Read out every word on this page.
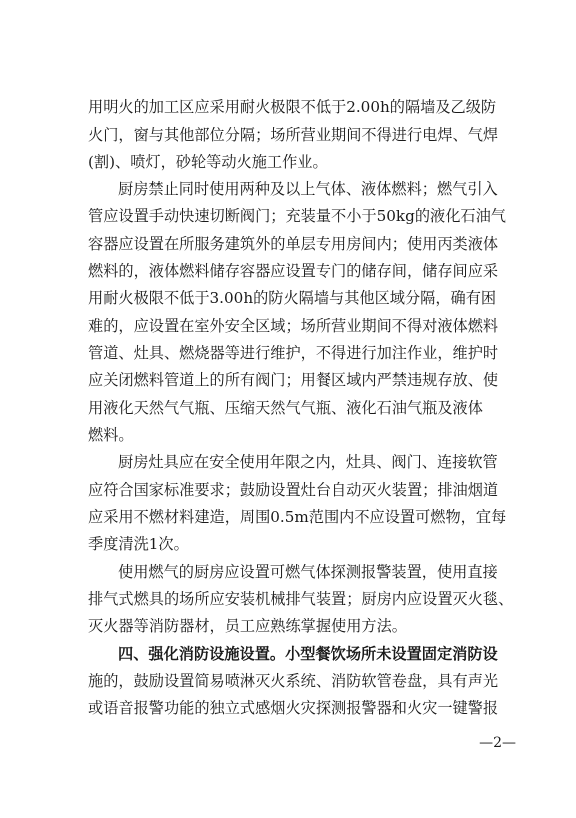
用明火的加工区应采用耐火极限不低于2.00h的隔墙及乙级防
火门，窗与其他部位分隔；场所营业期间不得进行电焊、气焊
(割)、喷灯，砂轮等动火施工作业。
厨房禁止同时使用两种及以上气体、液体燃料；燃气引入
管应设置手动快速切断阀门；充装量不小于50kg的液化石油气
容器应设置在所服务建筑外的单层专用房间内；使用丙类液体
燃料的，液体燃料储存容器应设置专门的储存间，储存间应采
用耐火极限不低于3.00h的防火隔墙与其他区域分隔，确有困
难的，应设置在室外安全区域；场所营业期间不得对液体燃料
管道、灶具、燃烧器等进行维护，不得进行加注作业，维护时
应关闭燃料管道上的所有阀门；用餐区域内严禁违规存放、使
用液化天然气气瓶、压缩天然气气瓶、液化石油气瓶及液体
燃料。
厨房灶具应在安全使用年限之内，灶具、阀门、连接软管
应符合国家标准要求；鼓励设置灶台自动灭火装置；排油烟道
应采用不燃材料建造，周围0.5m范围内不应设置可燃物，宜每
季度清洗1次。
使用燃气的厨房应设置可燃气体探测报警装置，使用直接
排气式燃具的场所应安装机械排气装置；厨房内应设置灭火毯、
灭火器等消防器材，员工应熟练掌握使用方法。
四、强化消防设施设置。小型餐饮场所未设置固定消防设
施的，鼓励设置简易喷淋灭火系统、消防软管卷盘，具有声光
或语音报警功能的独立式感烟火灾探测报警器和火灾一键警报
—2—
